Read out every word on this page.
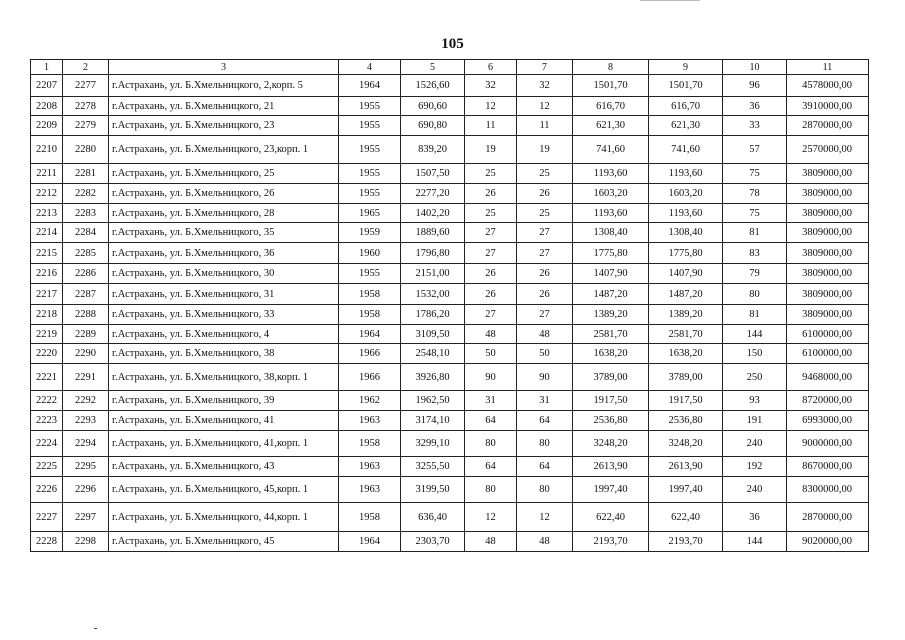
105
1	2	3	4	5	6	7	8	9	10	11
2207	2277	г.Астрахань, ул. Б.Хмельницкого, 2,корп. 5	1964	1526,60	32	32	1501,70	1501,70	96	4578000,00
2208	2278	г.Астрахань, ул. Б.Хмельницкого, 21	1955	690,60	12	12	616,70	616,70	36	3910000,00
2209	2279	г.Астрахань, ул. Б.Хмельницкого, 23	1955	690,80	11	11	621,30	621,30	33	2870000,00
2210	2280	г.Астрахань, ул. Б.Хмельницкого, 23,корп. 1	1955	839,20	19	19	741,60	741,60	57	2570000,00
2211	2281	г.Астрахань, ул. Б.Хмельницкого, 25	1955	1507,50	25	25	1193,60	1193,60	75	3809000,00
2212	2282	г.Астрахань, ул. Б.Хмельницкого, 26	1955	2277,20	26	26	1603,20	1603,20	78	3809000,00
2213	2283	г.Астрахань, ул. Б.Хмельницкого, 28	1965	1402,20	25	25	1193,60	1193,60	75	3809000,00
2214	2284	г.Астрахань, ул. Б.Хмельницкого, 35	1959	1889,60	27	27	1308,40	1308,40	81	3809000,00
2215	2285	г.Астрахань, ул. Б.Хмельницкого, 36	1960	1796,80	27	27	1775,80	1775,80	83	3809000,00
2216	2286	г.Астрахань, ул. Б.Хмельницкого, 30	1955	2151,00	26	26	1407,90	1407,90	79	3809000,00
2217	2287	г.Астрахань, ул. Б.Хмельницкого, 31	1958	1532,00	26	26	1487,20	1487,20	80	3809000,00
2218	2288	г.Астрахань, ул. Б.Хмельницкого, 33	1958	1786,20	27	27	1389,20	1389,20	81	3809000,00
2219	2289	г.Астрахань, ул. Б.Хмельницкого, 4	1964	3109,50	48	48	2581,70	2581,70	144	6100000,00
2220	2290	г.Астрахань, ул. Б.Хмельницкого, 38	1966	2548,10	50	50	1638,20	1638,20	150	6100000,00
2221	2291	г.Астрахань, ул. Б.Хмельницкого, 38,корп. 1	1966	3926,80	90	90	3789,00	3789,00	250	9468000,00
2222	2292	г.Астрахань, ул. Б.Хмельницкого, 39	1962	1962,50	31	31	1917,50	1917,50	93	8720000,00
2223	2293	г.Астрахань, ул. Б.Хмельницкого, 41	1963	3174,10	64	64	2536,80	2536,80	191	6993000,00
2224	2294	г.Астрахань, ул. Б.Хмельницкого, 41,корп. 1	1958	3299,10	80	80	3248,20	3248,20	240	9000000,00
2225	2295	г.Астрахань, ул. Б.Хмельницкого, 43	1963	3255,50	64	64	2613,90	2613,90	192	8670000,00
2226	2296	г.Астрахань, ул. Б.Хмельницкого, 45,корп. 1	1963	3199,50	80	80	1997,40	1997,40	240	8300000,00
2227	2297	г.Астрахань, ул. Б.Хмельницкого, 44,корп. 1	1958	636,40	12	12	622,40	622,40	36	2870000,00
2228	2298	г.Астрахань, ул. Б.Хмельницкого, 45	1964	2303,70	48	48	2193,70	2193,70	144	9020000,00
